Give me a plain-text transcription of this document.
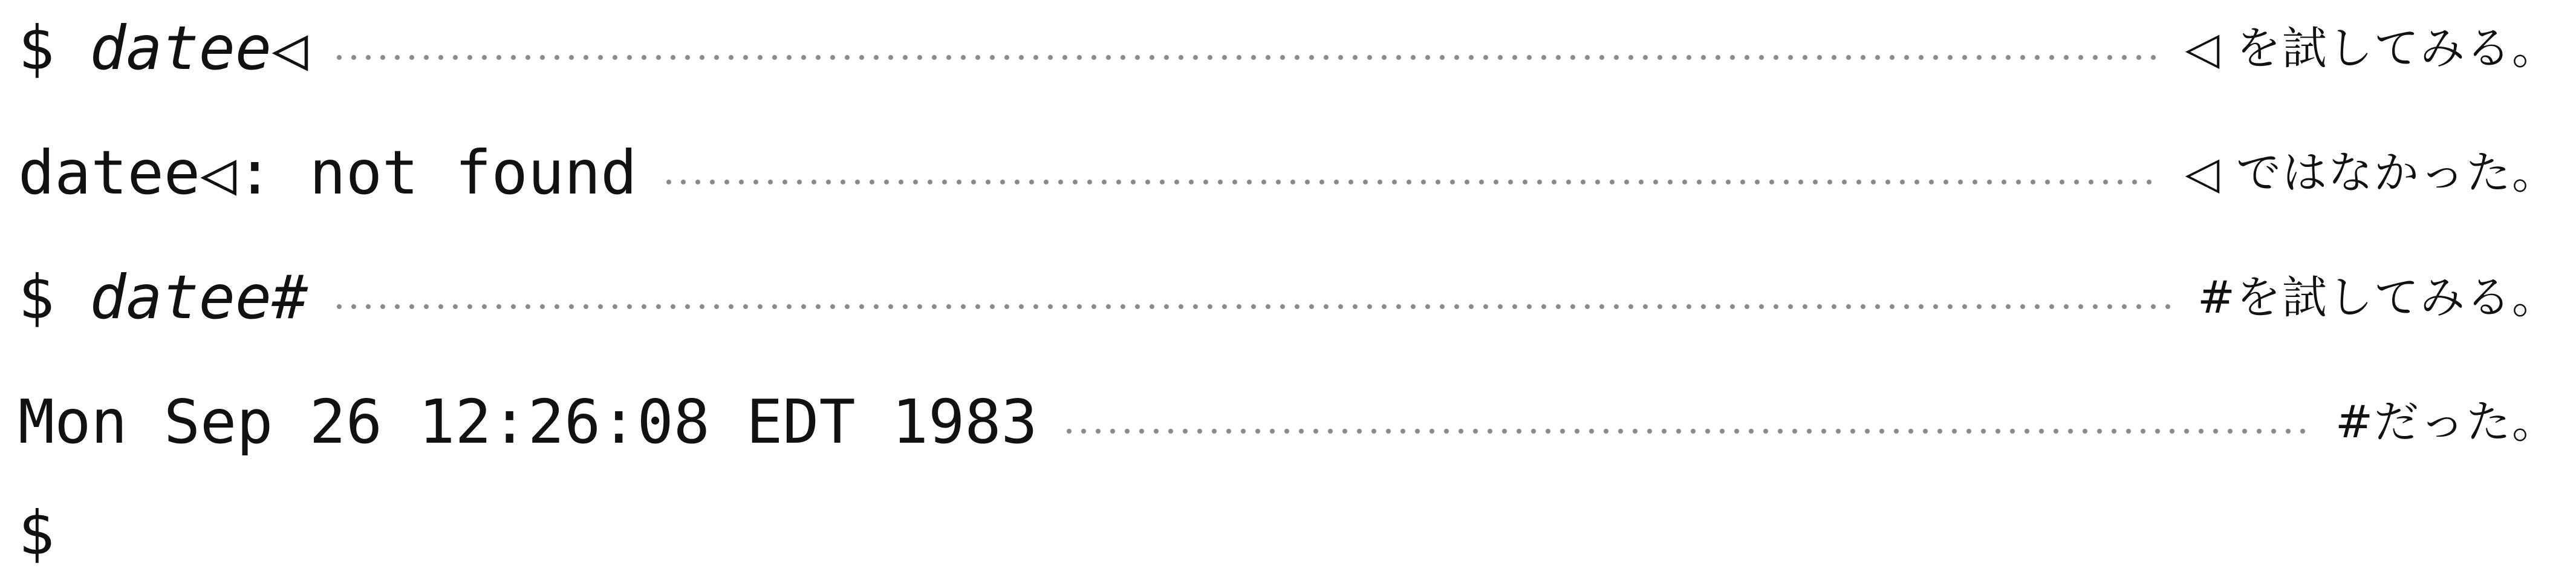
$ datee◁	◁ を試してみる。
datee◁: not found	◁ ではなかった。
$ datee#	#を試してみる。
Mon Sep 26 12:26:08 EDT 1983	#だった。
$
